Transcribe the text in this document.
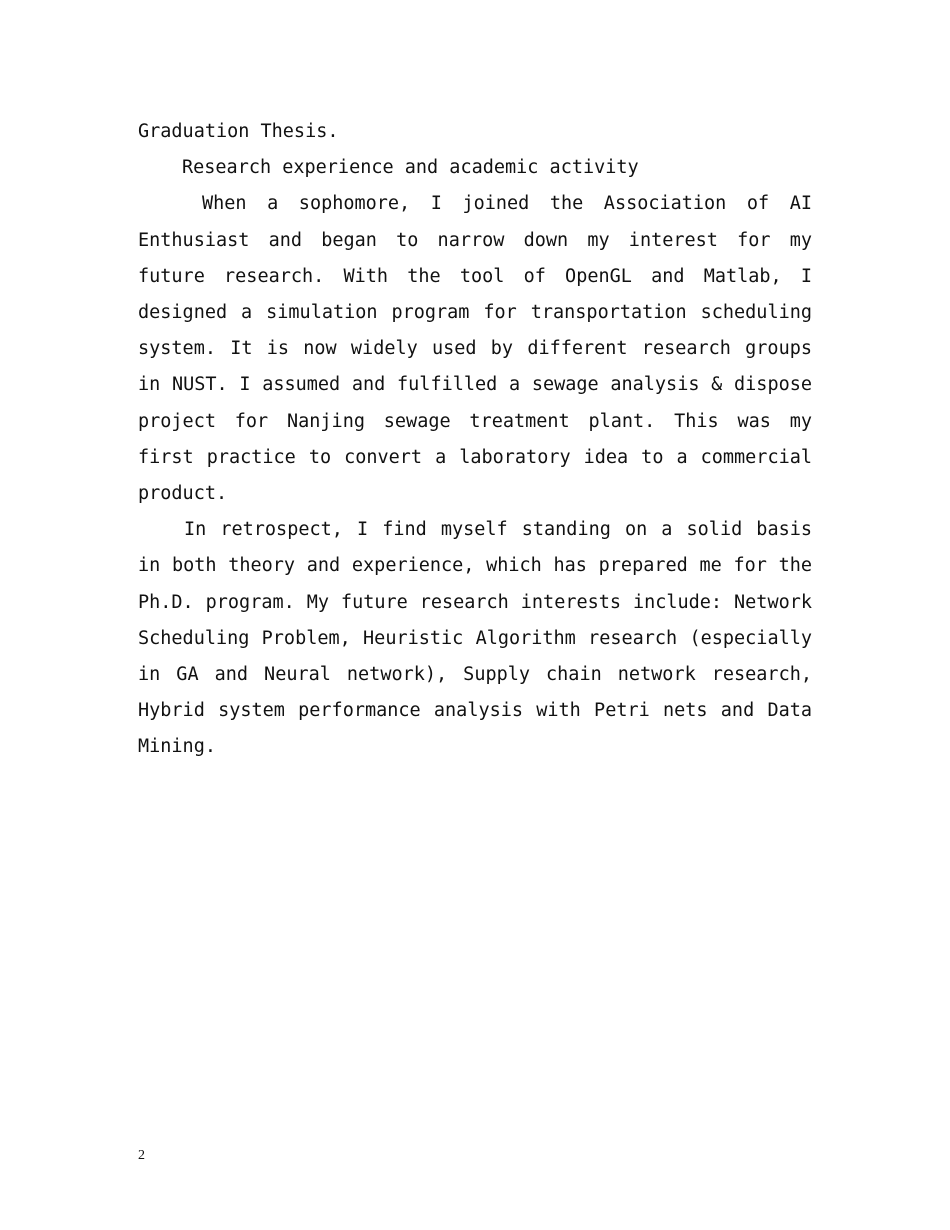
Graduation Thesis.

Research experience and academic activity

When a sophomore, I joined the Association of AI Enthusiast and began to narrow down my interest for my future research. With the tool of OpenGL and Matlab, I designed a simulation program for transportation scheduling system. It is now widely used by different research groups in NUST. I assumed and fulfilled a sewage analysis & dispose project for Nanjing sewage treatment plant. This was my first practice to convert a laboratory idea to a commercial product.

In retrospect, I find myself standing on a solid basis in both theory and experience, which has prepared me for the Ph.D. program. My future research interests include: Network Scheduling Problem, Heuristic Algorithm research (especially in GA and Neural network), Supply chain network research, Hybrid system performance analysis with Petri nets and Data Mining.

2
